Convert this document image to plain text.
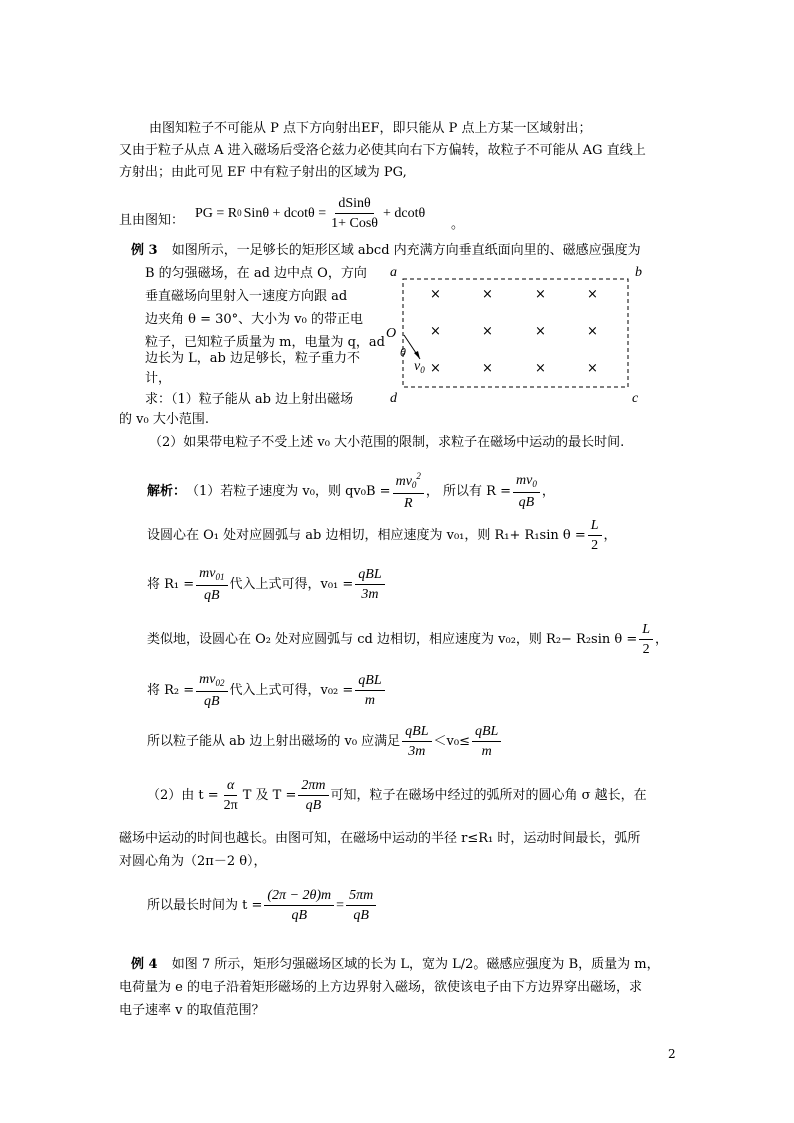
由图知粒子不可能从 P 点下方向射出EF，即只能从 P 点上方某一区域射出；
又由于粒子从点 A 进入磁场后受洛仑兹力必使其向右下方偏转，故粒子不可能从 AG 直线上
方射出；由此可见 EF 中有粒子射出的区域为 PG,
且由图知： PG = R 0 $Sin\theta + dcot\theta = \frac{\text{dSinθ}}{\text{1+ Cosθ}} + dcot\theta$
。
例 3 如图所示，一足够长的矩形区域 abcd 内充满方向垂直纸面向里的、磁感应强度为
B 的匀强磁场，在 ad 边中点 O，方向
垂直磁场向里射入一速度方向跟 ad
边夹角 θ = 30°、大小为 v₀ 的带正电
粒子，已知粒子质量为 m，电量为 q，ad
边长为 L，ab 边足够长，粒子重力不
计，
求：（1）粒子能从 ab 边上射出磁场
的 v₀ 大小范围.
（2）如果带电粒子不受上述 v₀ 大小范围的限制，求粒子在磁场中运动的最长时间.
a	b
d	c
O
θ
$v_0$
×	×	×	×
×	×	×	×
×	×	×	×
解析： （1）若粒子速度为 v₀，则 $qv_0B = \frac{mv_0^2}{R}$ ， 所以有 $R = \frac{mv_0}{qB}$ ，
设圆心在 O₁ 处对应圆弧与 ab 边相切，相应速度为 v₀₁，则 R₁+ R₁sin $\theta = \frac{L}{2}$ ，
将 $R_1 = \frac{mv_{01}}{qB}$ 代入上式可得，$v_{01} = \frac{\text{qBL}}{3m}$
类似地，设圆心在 O₂ 处对应圆弧与 cd 边相切，相应速度为 v₀₂，则 R₂− R₂sin $\theta = \frac{L}{2}$ ，
将 $R_2 = \frac{mv_{02}}{qB}$ 代入上式可得，$v_{02} = \frac{\text{qBL}}{m}$
所以粒子能从 ab 边上射出磁场的 v₀ 应满足 $\frac{\text{qBL}}{3m} <v_0\le \frac{\text{qBL}}{m}$
（2）由 $t = \frac{\alpha}{2\pi}$ T 及 $T = \frac{2\pi m}{qB}$ 可知，粒子在磁场中经过的弧所对的圆心角 σ 越长，在
磁场中运动的时间也越长。由图可知，在磁场中运动的半径 r≤R₁ 时，运动时间最长，弧所
对圆心角为（2π－2 θ），
所以最长时间为 $t = \frac{(2\pi - 2\theta)m}{qB} = \frac{5\pi m}{qB}$
例 4 如图 7 所示，矩形匀强磁场区域的长为 L，宽为 L/2。磁感应强度为 B，质量为 m，
电荷量为 e 的电子沿着矩形磁场的上方边界射入磁场，欲使该电子由下方边界穿出磁场，求
电子速率 v 的取值范围？
2
